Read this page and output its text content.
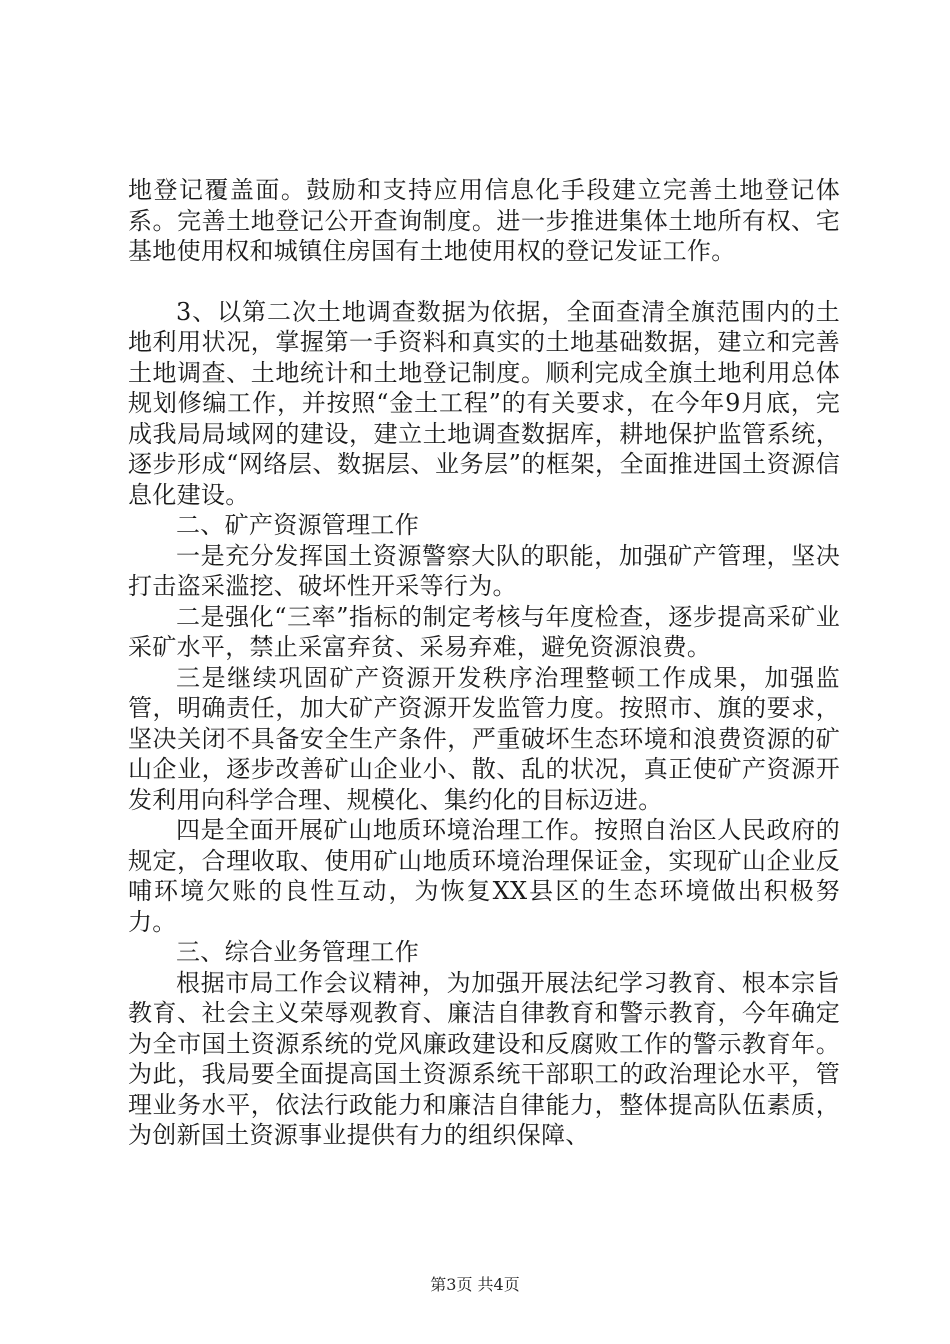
地登记覆盖面。鼓励和支持应用信息化手段建立完善土地登记体系。完善土地登记公开查询制度。进一步推进集体土地所有权、宅基地使用权和城镇住房国有土地使用权的登记发证工作。

3、以第二次土地调查数据为依据，全面查清全旗范围内的土地利用状况，掌握第一手资料和真实的土地基础数据，建立和完善土地调查、土地统计和土地登记制度。顺利完成全旗土地利用总体规划修编工作，并按照“金土工程”的有关要求，在今年9月底，完成我局局域网的建设，建立土地调查数据库，耕地保护监管系统，逐步形成“网络层、数据层、业务层”的框架，全面推进国土资源信息化建设。

二、矿产资源管理工作

一是充分发挥国土资源警察大队的职能，加强矿产管理，坚决打击盗采滥挖、破坏性开采等行为。

二是强化“三率”指标的制定考核与年度检查，逐步提高采矿业采矿水平，禁止采富弃贫、采易弃难，避免资源浪费。

三是继续巩固矿产资源开发秩序治理整顿工作成果，加强监管，明确责任，加大矿产资源开发监管力度。按照市、旗的要求，坚决关闭不具备安全生产条件，严重破坏生态环境和浪费资源的矿山企业，逐步改善矿山企业小、散、乱的状况，真正使矿产资源开发利用向科学合理、规模化、集约化的目标迈进。

四是全面开展矿山地质环境治理工作。按照自治区人民政府的规定，合理收取、使用矿山地质环境治理保证金，实现矿山企业反哺环境欠账的良性互动，为恢复XX县区的生态环境做出积极努力。

三、综合业务管理工作

根据市局工作会议精神，为加强开展法纪学习教育、根本宗旨教育、社会主义荣辱观教育、廉洁自律教育和警示教育，今年确定为全市国土资源系统的党风廉政建设和反腐败工作的警示教育年。为此，我局要全面提高国土资源系统干部职工的政治理论水平，管理业务水平，依法行政能力和廉洁自律能力，整体提高队伍素质，为创新国土资源事业提供有力的组织保障、

第3页 共4页
